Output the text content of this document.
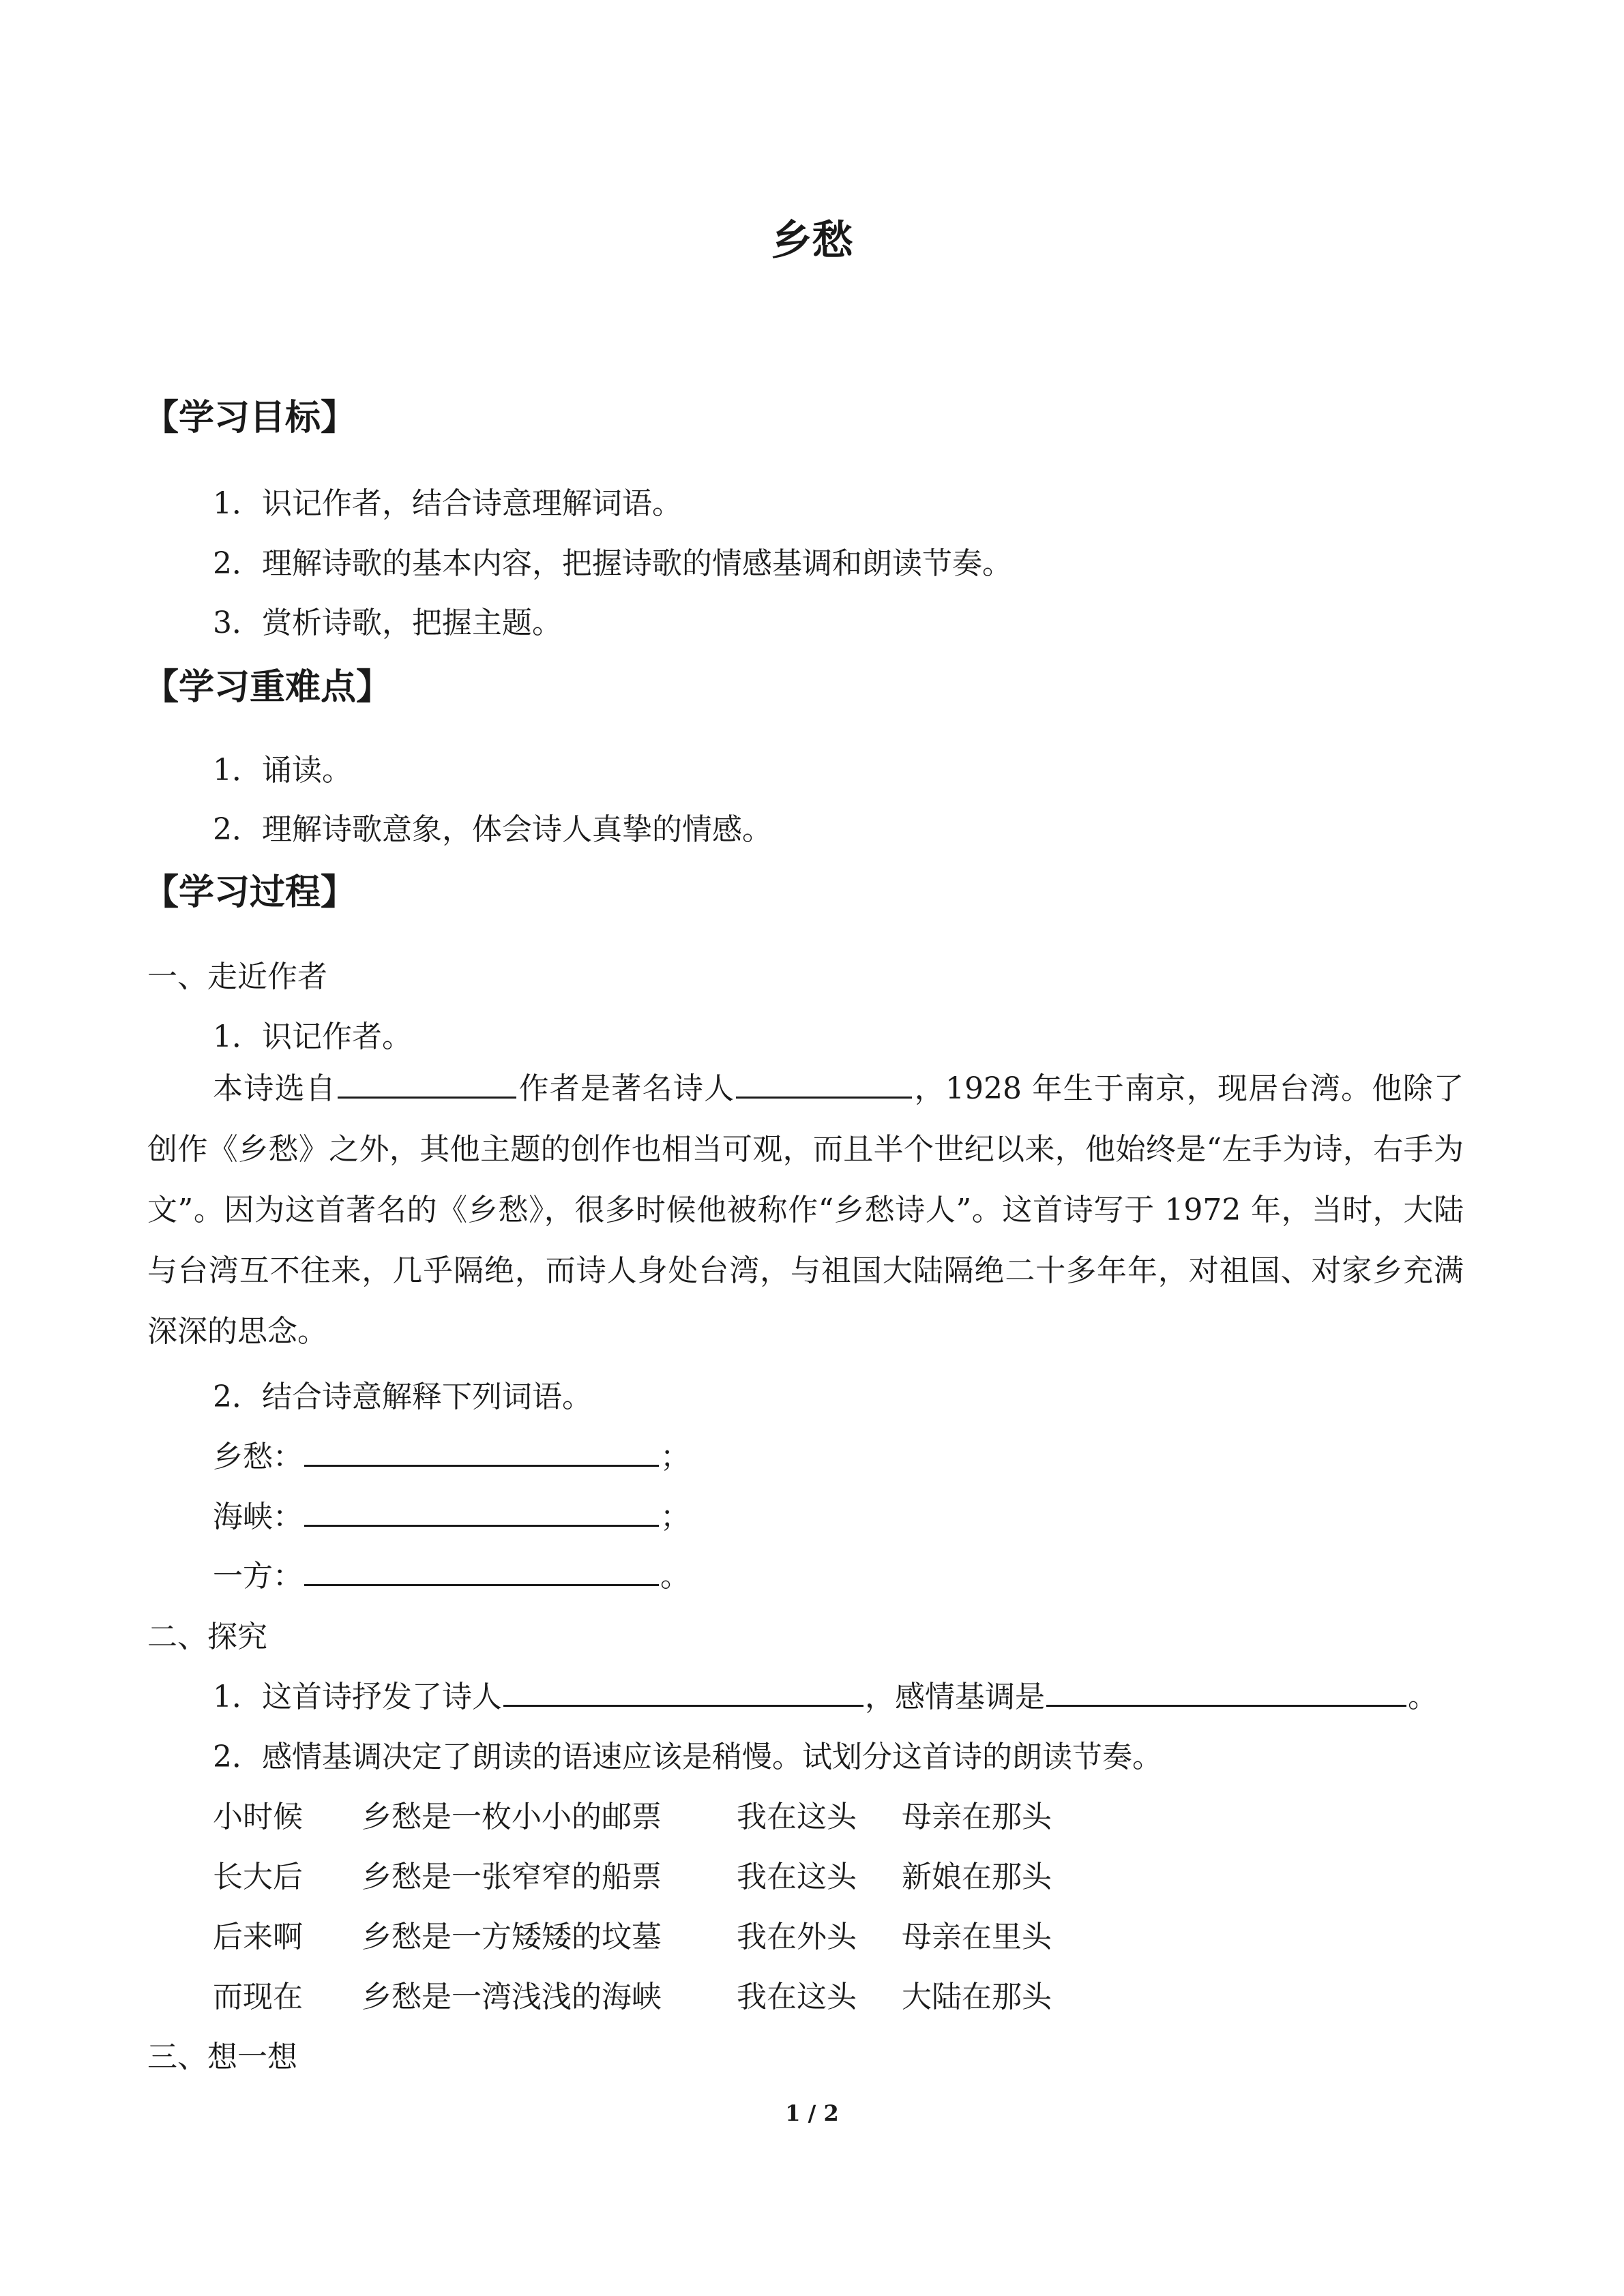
乡愁
【学习目标】
1．识记作者，结合诗意理解词语。
2．理解诗歌的基本内容，把握诗歌的情感基调和朗读节奏。
3．赏析诗歌，把握主题。
【学习重难点】
1．诵读。
2．理解诗歌意象，体会诗人真挚的情感。
【学习过程】
一、走近作者
1．识记作者。
本诗选自	作者是著名诗人	，1928 年生于南京，现居台湾。他除了创作《乡愁》之外，其他主题的创作也相当可观，而且半个世纪以来，他始终是“左手为诗，右手为文”。因为这首著名的《乡愁》，很多时候他被称作“乡愁诗人”。这首诗写于 1972 年，当时，大陆与台湾互不往来，几乎隔绝，而诗人身处台湾，与祖国大陆隔绝二十多年年，对祖国、对家乡充满深深的思念。
2．结合诗意解释下列词语。
乡愁：	；
海峡：	；
一方：	。
二、探究
1．这首诗抒发了诗人	，感情基调是	。
2．感情基调决定了朗读的语速应该是稍慢。试划分这首诗的朗读节奏。
小时候 乡愁是一枚小小的邮票	我在这头 母亲在那头
长大后 乡愁是一张窄窄的船票	我在这头 新娘在那头
后来啊 乡愁是一方矮矮的坟墓	我在外头 母亲在里头
而现在 乡愁是一湾浅浅的海峡	我在这头 大陆在那头
三、想一想
1 / 2
